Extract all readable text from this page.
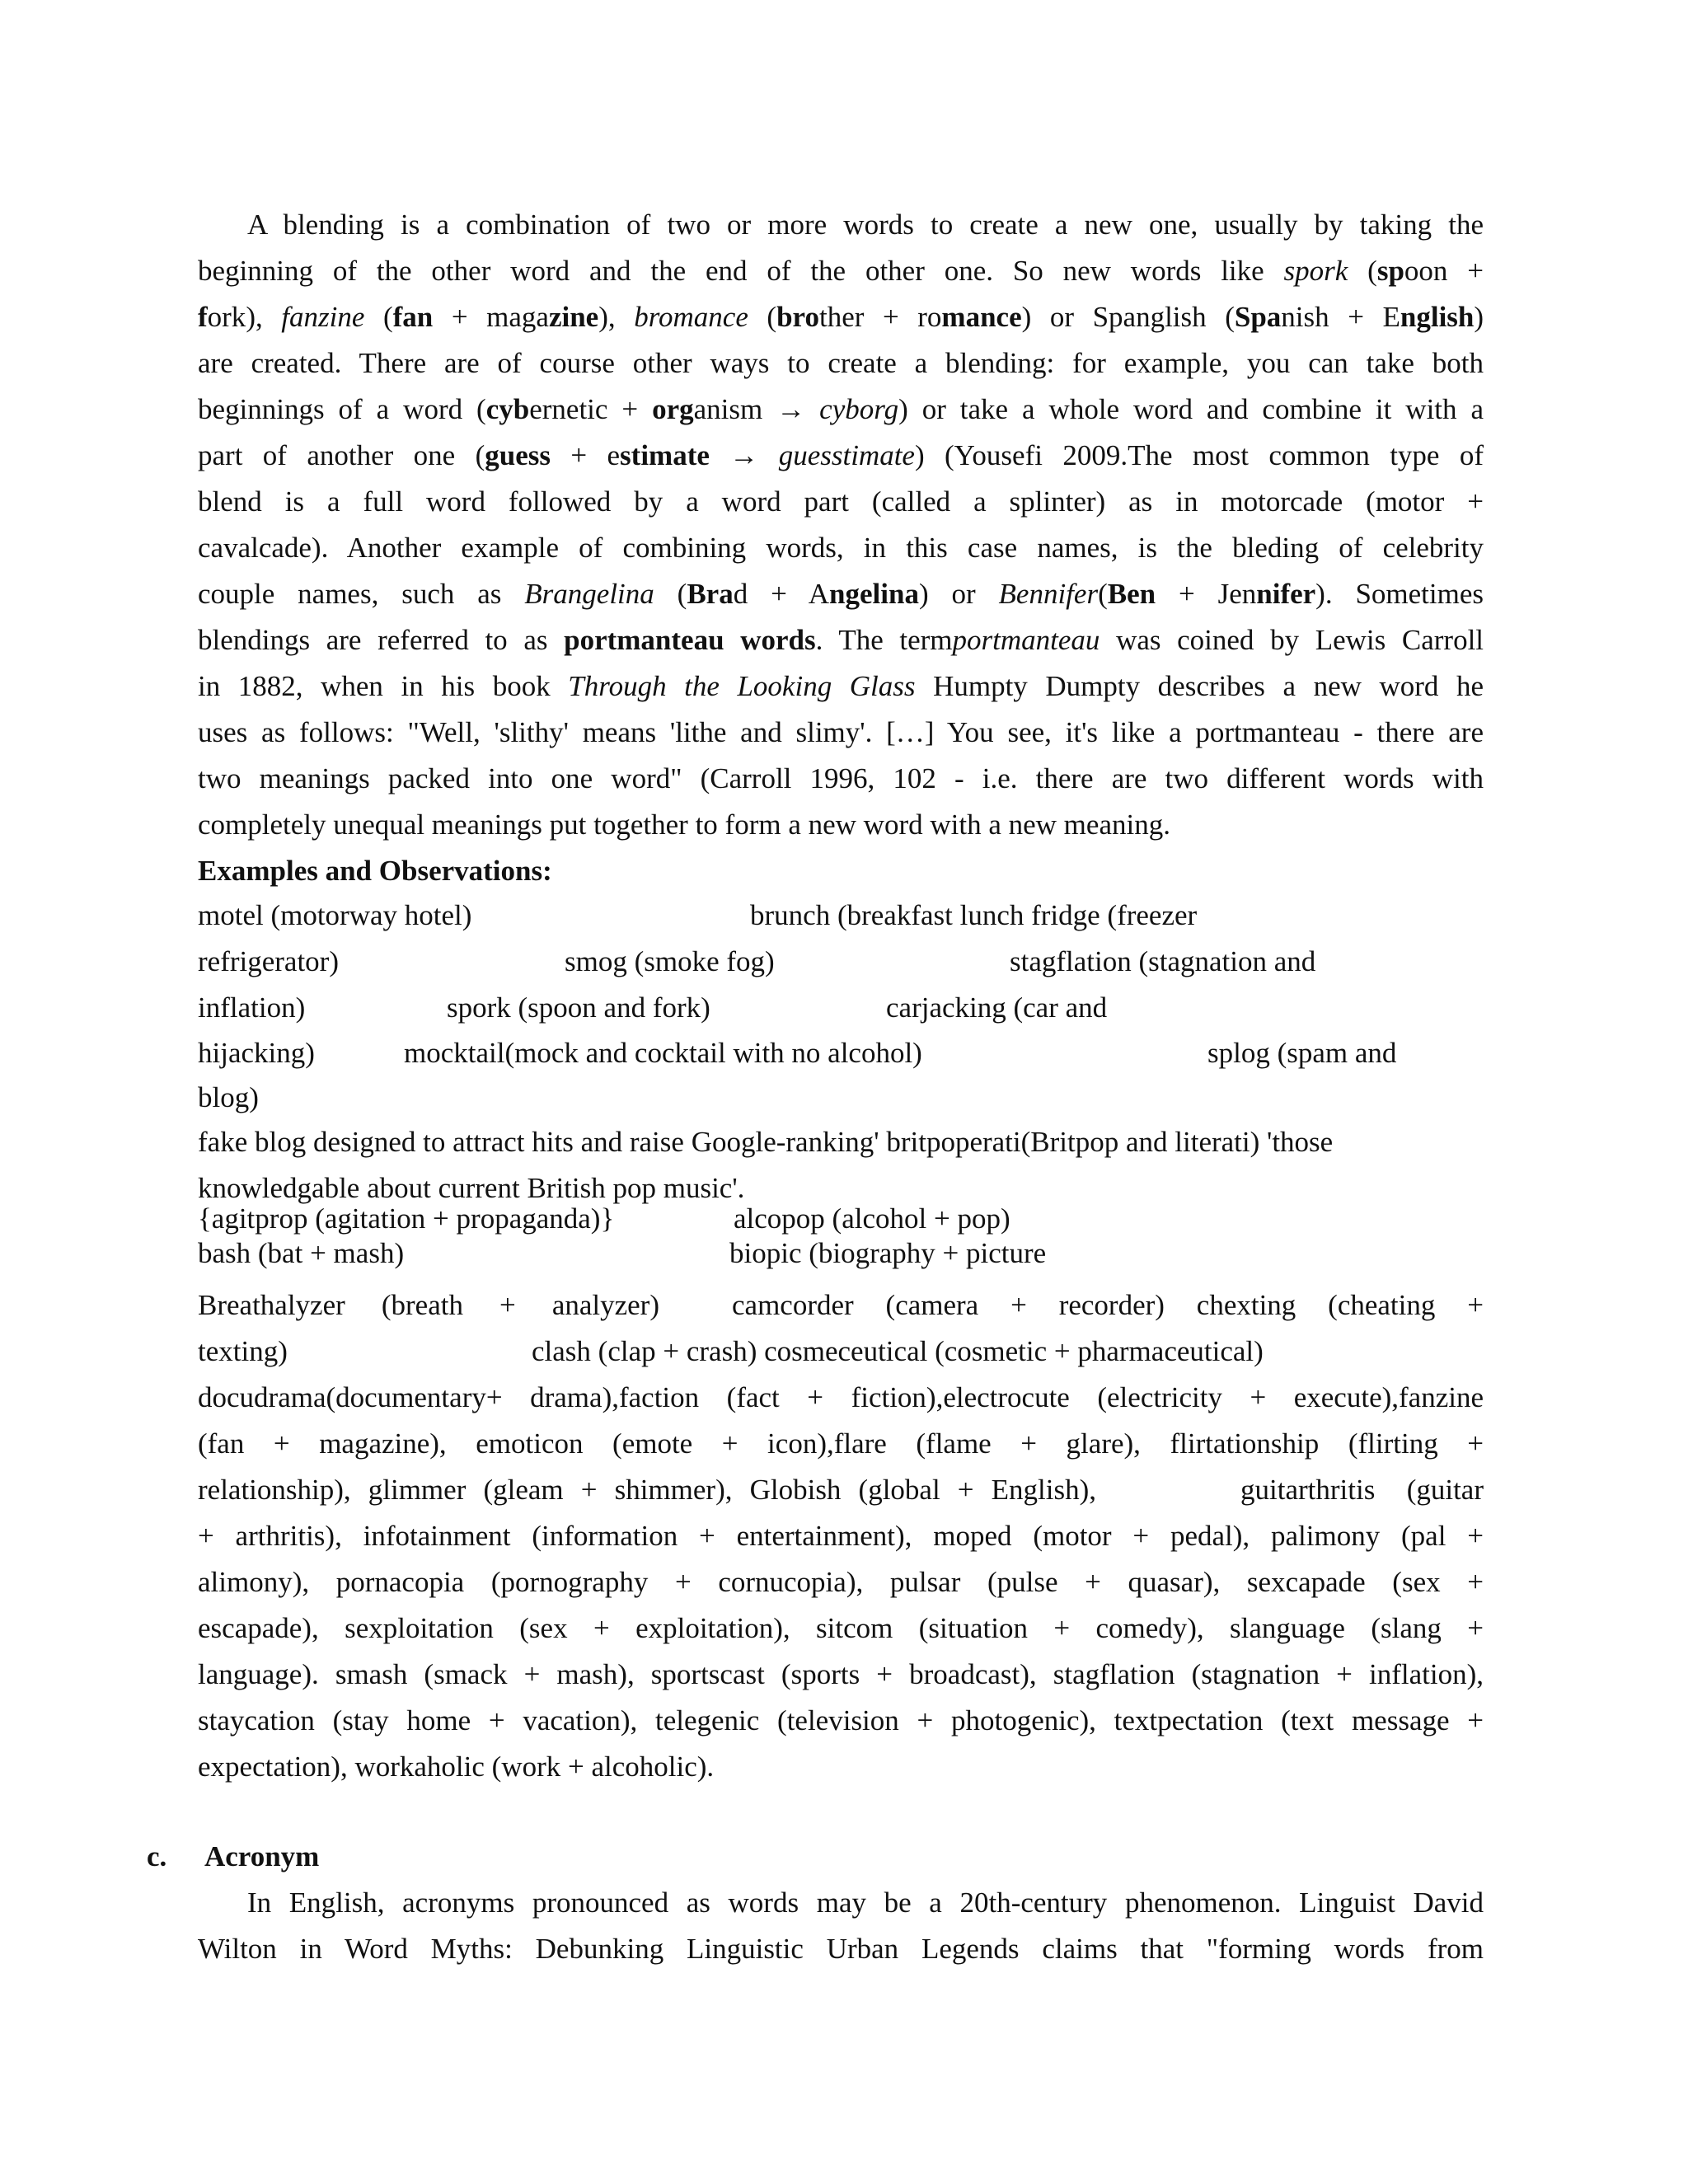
A blending is a combination of two or more words to create a new one, usually by taking the
beginning of the other word and the end of the other one. So new words like spork (spoon +
fork), fanzine (fan + magazine), bromance (brother + romance) or Spanglish (Spanish + English)
are created. There are of course other ways to create a blending: for example, you can take both
beginnings of a word (cybernetic + organism → cyborg) or take a whole word and combine it with a
part of another one (guess + estimate → guesstimate) (Yousefi 2009.The most common type of
blend is a full word followed by a word part (called a splinter) as in motorcade (motor +
cavalcade). Another example of combining words, in this case names, is the bleding of celebrity
couple names, such as Brangelina (Brad + Angelina) or Bennifer(Ben + Jennifer). Sometimes
blendings are referred to as portmanteau words. The termportmanteau was coined by Lewis Carroll
in 1882, when in his book Through the Looking Glass Humpty Dumpty describes a new word he
uses as follows: "Well, 'slithy' means 'lithe and slimy'. […] You see, it's like a portmanteau - there are
two meanings packed into one word" (Carroll 1996, 102 - i.e. there are two different words with
completely unequal meanings put together to form a new word with a new meaning.
Examples and Observations:
motel (motorway hotel)	brunch (breakfast lunch fridge (freezer
refrigerator)	smog (smoke fog)	stagflation (stagnation and
inflation)	spork (spoon and fork)	carjacking (car and
hijacking)	mocktail(mock and cocktail with no alcohol)	splog (spam and
blog)
fake blog designed to attract hits and raise Google-ranking' britpoperati(Britpop and literati) 'those
knowledgable about current British pop music'.
{agitprop (agitation + propaganda)}	alcopop (alcohol + pop)
bash (bat + mash)	biopic (biography + picture
Breathalyzer (breath + analyzer)	camcorder (camera + recorder) chexting (cheating +
texting)	clash (clap + crash) cosmeceutical (cosmetic + pharmaceutical)
docudrama(documentary+ drama),faction (fact + fiction),electrocute (electricity + execute),fanzine
(fan + magazine), emoticon (emote + icon),flare (flame + glare), flirtationship (flirting +
relationship), glimmer (gleam + shimmer), Globish (global + English),	guitarthritis (guitar
+ arthritis), infotainment (information + entertainment), moped (motor + pedal), palimony (pal +
alimony), pornacopia (pornography + cornucopia), pulsar (pulse + quasar), sexcapade (sex +
escapade), sexploitation (sex + exploitation), sitcom (situation + comedy), slanguage (slang +
language). smash (smack + mash), sportscast (sports + broadcast), stagflation (stagnation + inflation),
staycation (stay home + vacation), telegenic (television + photogenic), textpectation (text message +
expectation), workaholic (work + alcoholic).
c. Acronym
In English, acronyms pronounced as words may be a 20th-century phenomenon. Linguist David
Wilton in Word Myths: Debunking Linguistic Urban Legends claims that "forming words from
